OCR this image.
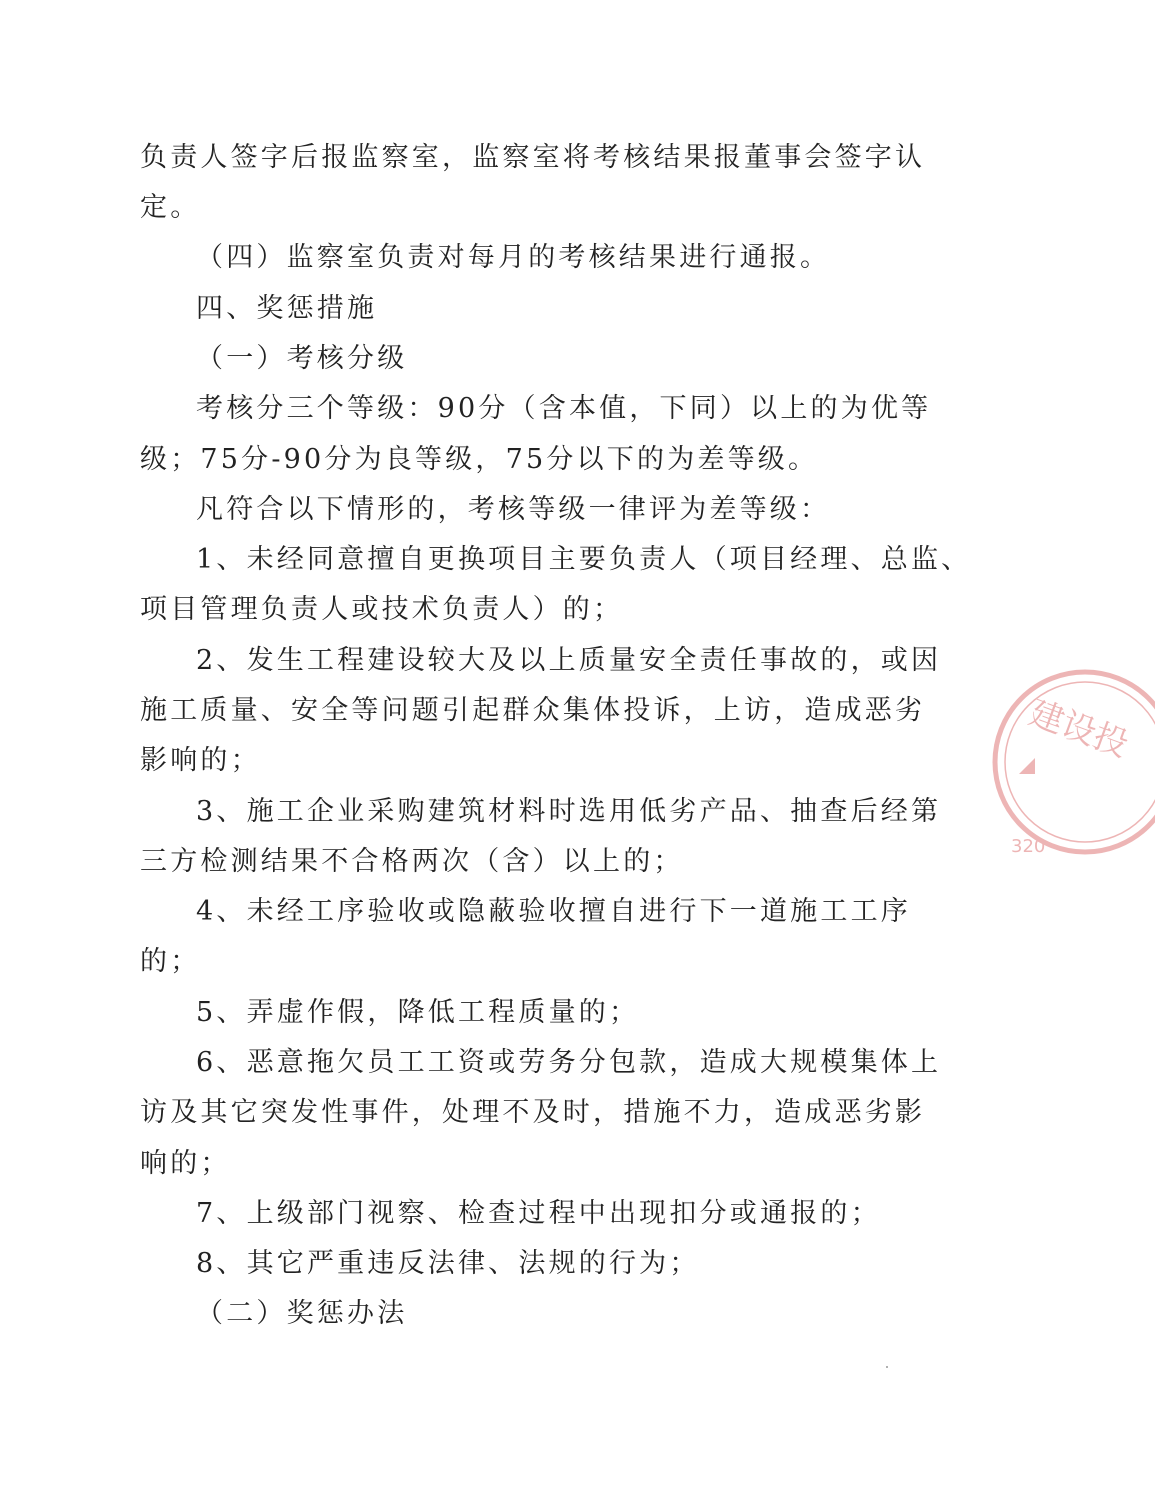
负责人签字后报监察室，监察室将考核结果报董事会签字认
定。
（四）监察室负责对每月的考核结果进行通报。
四、奖惩措施
（一）考核分级
考核分三个等级：90分（含本值，下同）以上的为优等
级；75分-90分为良等级，75分以下的为差等级。
凡符合以下情形的，考核等级一律评为差等级：
1、未经同意擅自更换项目主要负责人（项目经理、总监、
项目管理负责人或技术负责人）的；
2、发生工程建设较大及以上质量安全责任事故的，或因
施工质量、安全等问题引起群众集体投诉，上访，造成恶劣
影响的；
3、施工企业采购建筑材料时选用低劣产品、抽查后经第
三方检测结果不合格两次（含）以上的；
4、未经工序验收或隐蔽验收擅自进行下一道施工工序
的；
5、弄虚作假，降低工程质量的；
6、恶意拖欠员工工资或劳务分包款，造成大规模集体上
访及其它突发性事件，处理不及时，措施不力，造成恶劣影
响的；
7、上级部门视察、检查过程中出现扣分或通报的；
8、其它严重违反法律、法规的行为；
（二）奖惩办法
建设投
320
